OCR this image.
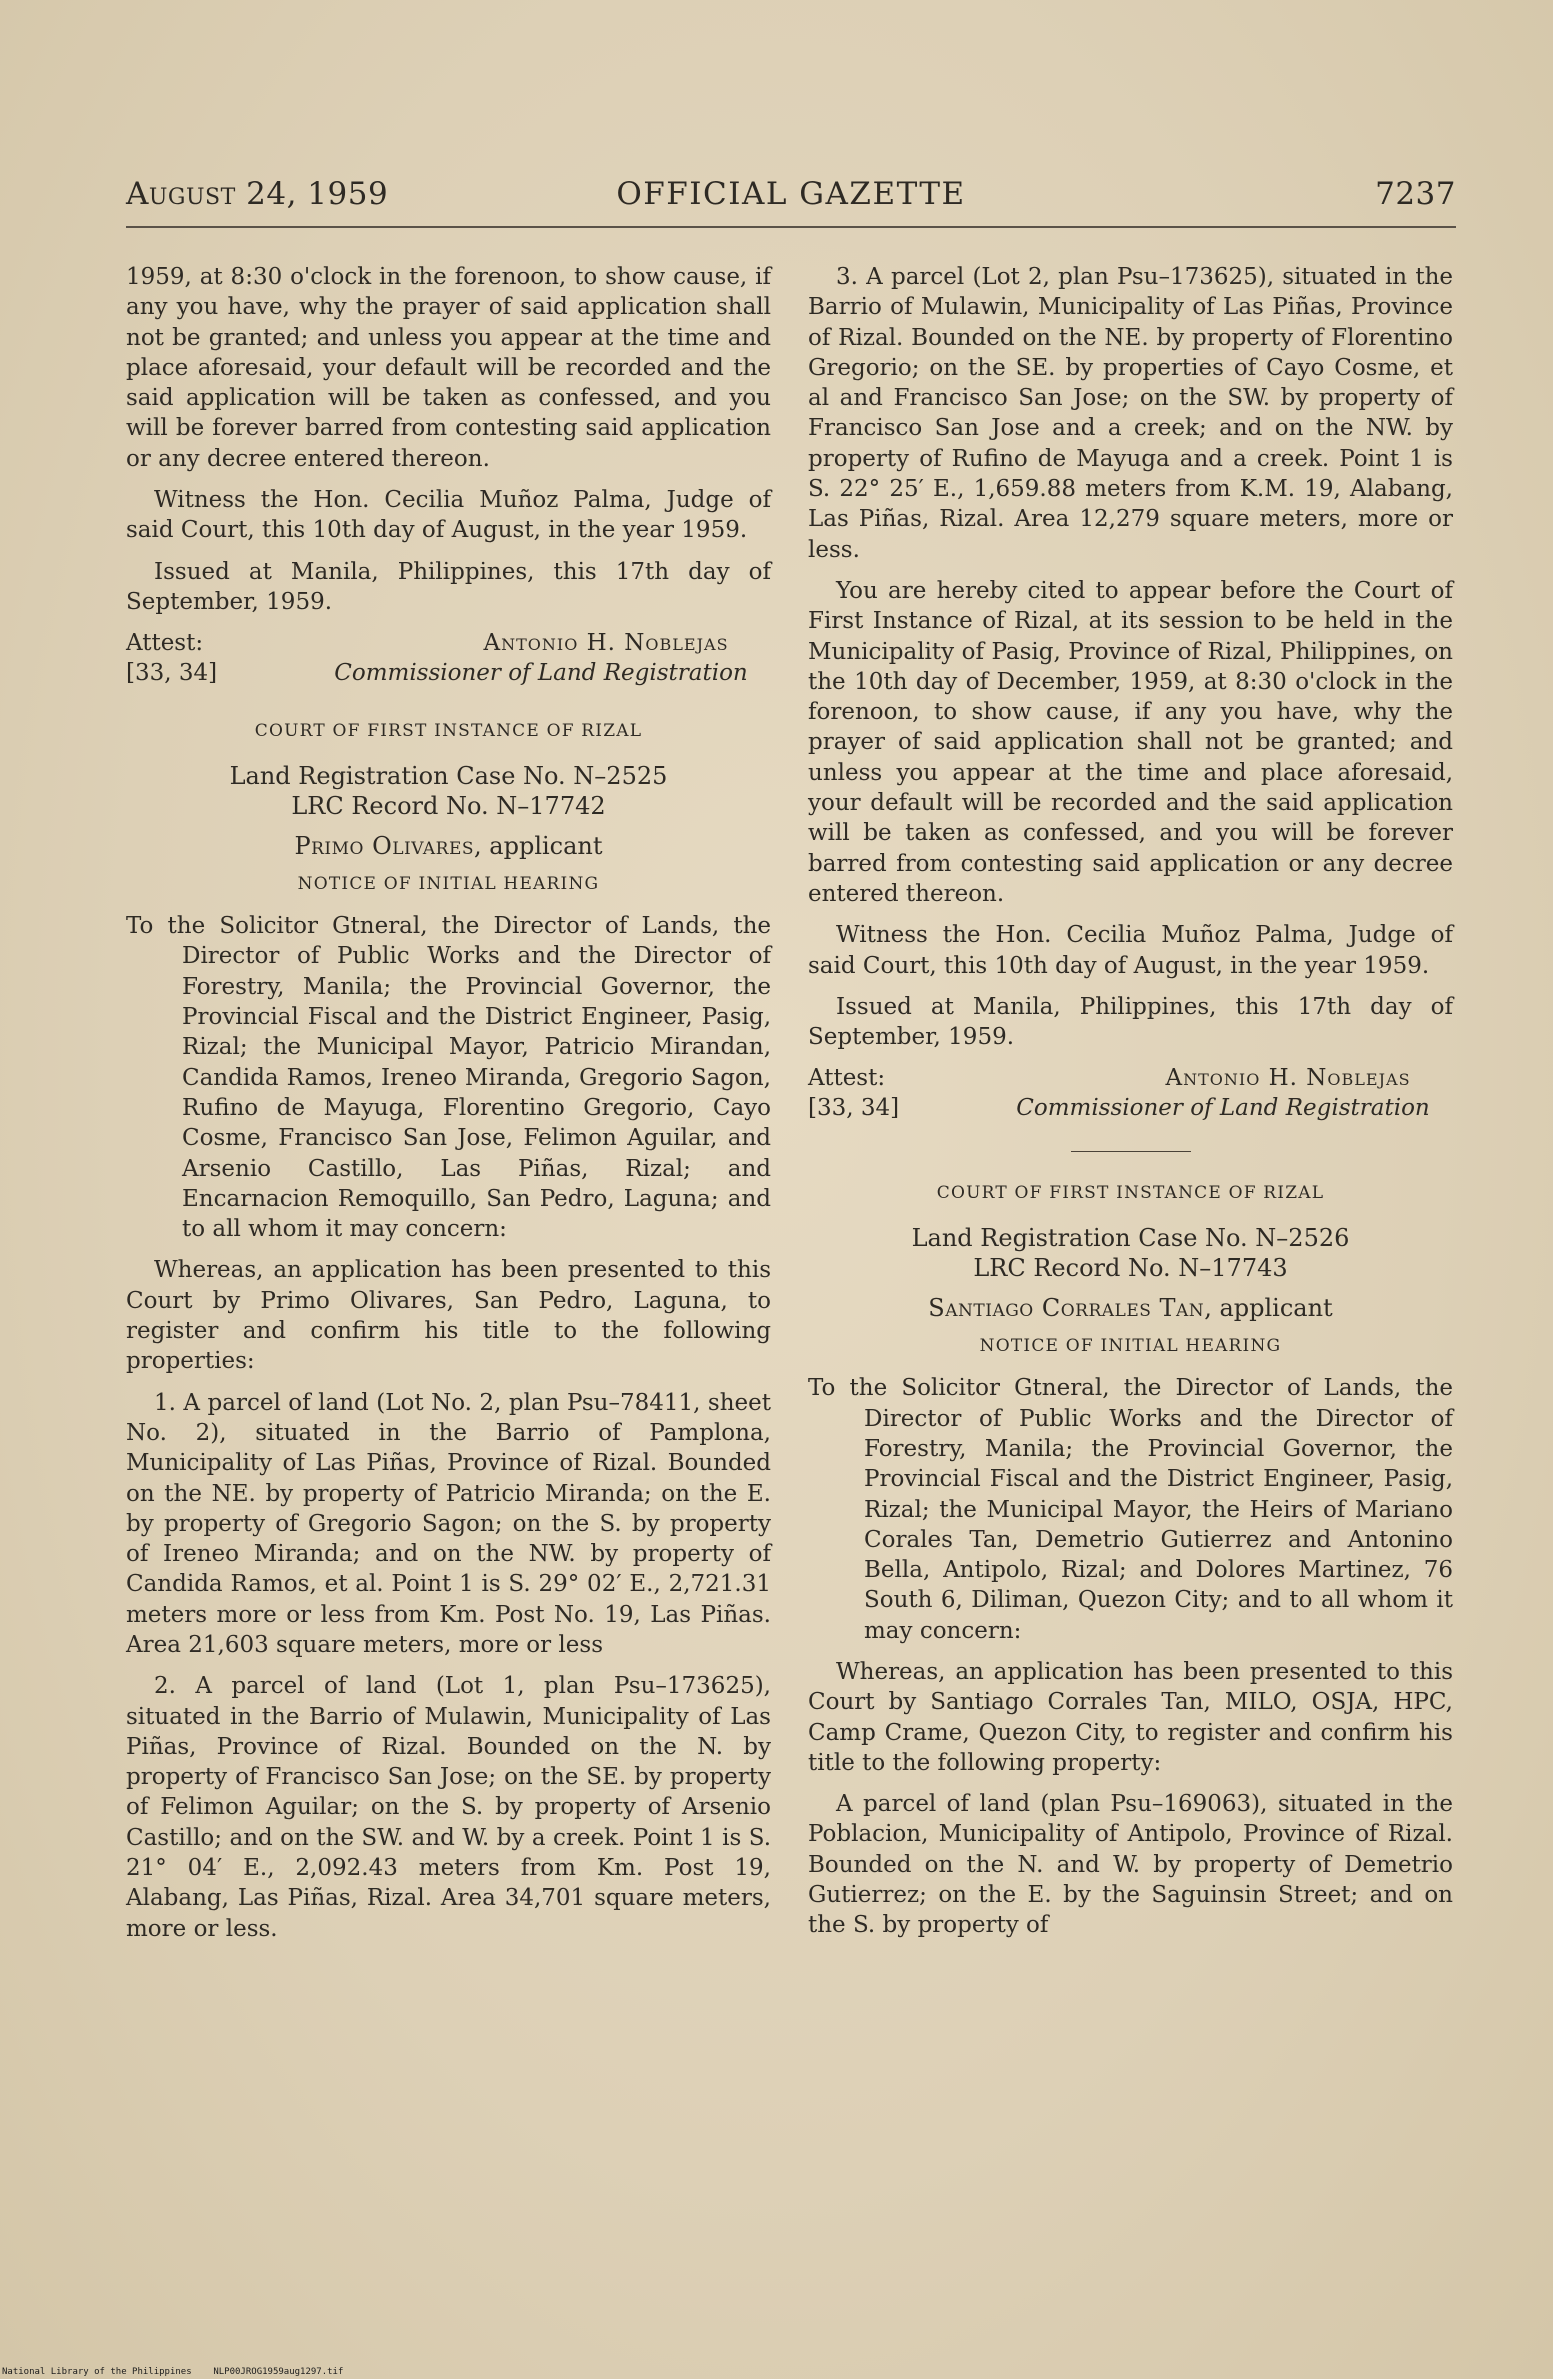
August 24, 1959	OFFICIAL GAZETTE	7237

1959, at 8:30 o'clock in the forenoon, to show cause, if any you have, why the prayer of said application shall not be granted; and unless you appear at the time and place aforesaid, your default will be recorded and the said application will be taken as confessed, and you will be forever barred from contesting said application or any decree entered thereon.

Witness the Hon. Cecilia Muñoz Palma, Judge of said Court, this 10th day of August, in the year 1959.

Issued at Manila, Philippines, this 17th day of September, 1959.

Attest:
[33, 34]
Antonio H. Noblejas
Commissioner of Land Registration
COURT OF FIRST INSTANCE OF RIZAL
Land Registration Case No. N–2525
LRC Record No. N–17742
Primo Olivares, applicant
NOTICE OF INITIAL HEARING
To the Solicitor Gtneral, the Director of Lands, the Director of Public Works and the Director of Forestry, Manila; the Provincial Governor, the Provincial Fiscal and the District Engineer, Pasig, Rizal; the Municipal Mayor, Patricio Mirandan, Candida Ramos, Ireneo Miranda, Gregorio Sagon, Rufino de Mayuga, Florentino Gregorio, Cayo Cosme, Francisco San Jose, Felimon Aguilar, and Arsenio Castillo, Las Piñas, Rizal; and Encarnacion Remoquillo, San Pedro, Laguna; and to all whom it may concern:

Whereas, an application has been presented to this Court by Primo Olivares, San Pedro, Laguna, to register and confirm his title to the following properties:

1. A parcel of land (Lot No. 2, plan Psu–78411, sheet No. 2), situated in the Barrio of Pamplona, Municipality of Las Piñas, Province of Rizal. Bounded on the NE. by property of Patricio Miranda; on the E. by property of Gregorio Sagon; on the S. by property of Ireneo Miranda; and on the NW. by property of Candida Ramos, et al. Point 1 is S. 29° 02′ E., 2,721.31 meters more or less from Km. Post No. 19, Las Piñas. Area 21,603 square meters, more or less

2. A parcel of land (Lot 1, plan Psu–173625), situated in the Barrio of Mulawin, Municipality of Las Piñas, Province of Rizal. Bounded on the N. by property of Francisco San Jose; on the SE. by property of Felimon Aguilar; on the S. by property of Arsenio Castillo; and on the SW. and W. by a creek. Point 1 is S. 21° 04′ E., 2,092.43 meters from Km. Post 19, Alabang, Las Piñas, Rizal. Area 34,701 square meters, more or less.

3. A parcel (Lot 2, plan Psu–173625), situated in the Barrio of Mulawin, Municipality of Las Piñas, Province of Rizal. Bounded on the NE. by property of Florentino Gregorio; on the SE. by properties of Cayo Cosme, et al and Francisco San Jose; on the SW. by property of Francisco San Jose and a creek; and on the NW. by property of Rufino de Mayuga and a creek. Point 1 is S. 22° 25′ E., 1,659.88 meters from K.M. 19, Alabang, Las Piñas, Rizal. Area 12,279 square meters, more or less.

You are hereby cited to appear before the Court of First Instance of Rizal, at its session to be held in the Municipality of Pasig, Province of Rizal, Philippines, on the 10th day of December, 1959, at 8:30 o'clock in the forenoon, to show cause, if any you have, why the prayer of said application shall not be granted; and unless you appear at the time and place aforesaid, your default will be recorded and the said application will be taken as confessed, and you will be forever barred from contesting said application or any decree entered thereon.

Witness the Hon. Cecilia Muñoz Palma, Judge of said Court, this 10th day of August, in the year 1959.

Issued at Manila, Philippines, this 17th day of September, 1959.

Attest:
[33, 34]
Antonio H. Noblejas
Commissioner of Land Registration
COURT OF FIRST INSTANCE OF RIZAL
Land Registration Case No. N–2526
LRC Record No. N–17743
Santiago Corrales Tan, applicant
NOTICE OF INITIAL HEARING
To the Solicitor Gtneral, the Director of Lands, the Director of Public Works and the Director of Forestry, Manila; the Provincial Governor, the Provincial Fiscal and the District Engineer, Pasig, Rizal; the Municipal Mayor, the Heirs of Mariano Corales Tan, Demetrio Gutierrez and Antonino Bella, Antipolo, Rizal; and Dolores Martinez, 76 South 6, Diliman, Quezon City; and to all whom it may concern:

Whereas, an application has been presented to this Court by Santiago Corrales Tan, MILO, OSJA, HPC, Camp Crame, Quezon City, to register and confirm his title to the following property:

A parcel of land (plan Psu–169063), situated in the Poblacion, Municipality of Antipolo, Province of Rizal. Bounded on the N. and W. by property of Demetrio Gutierrez; on the E. by the Saguinsin Street; and on the S. by property of

National Library of the Philippines NLP00JROG1959aug1297.tif
